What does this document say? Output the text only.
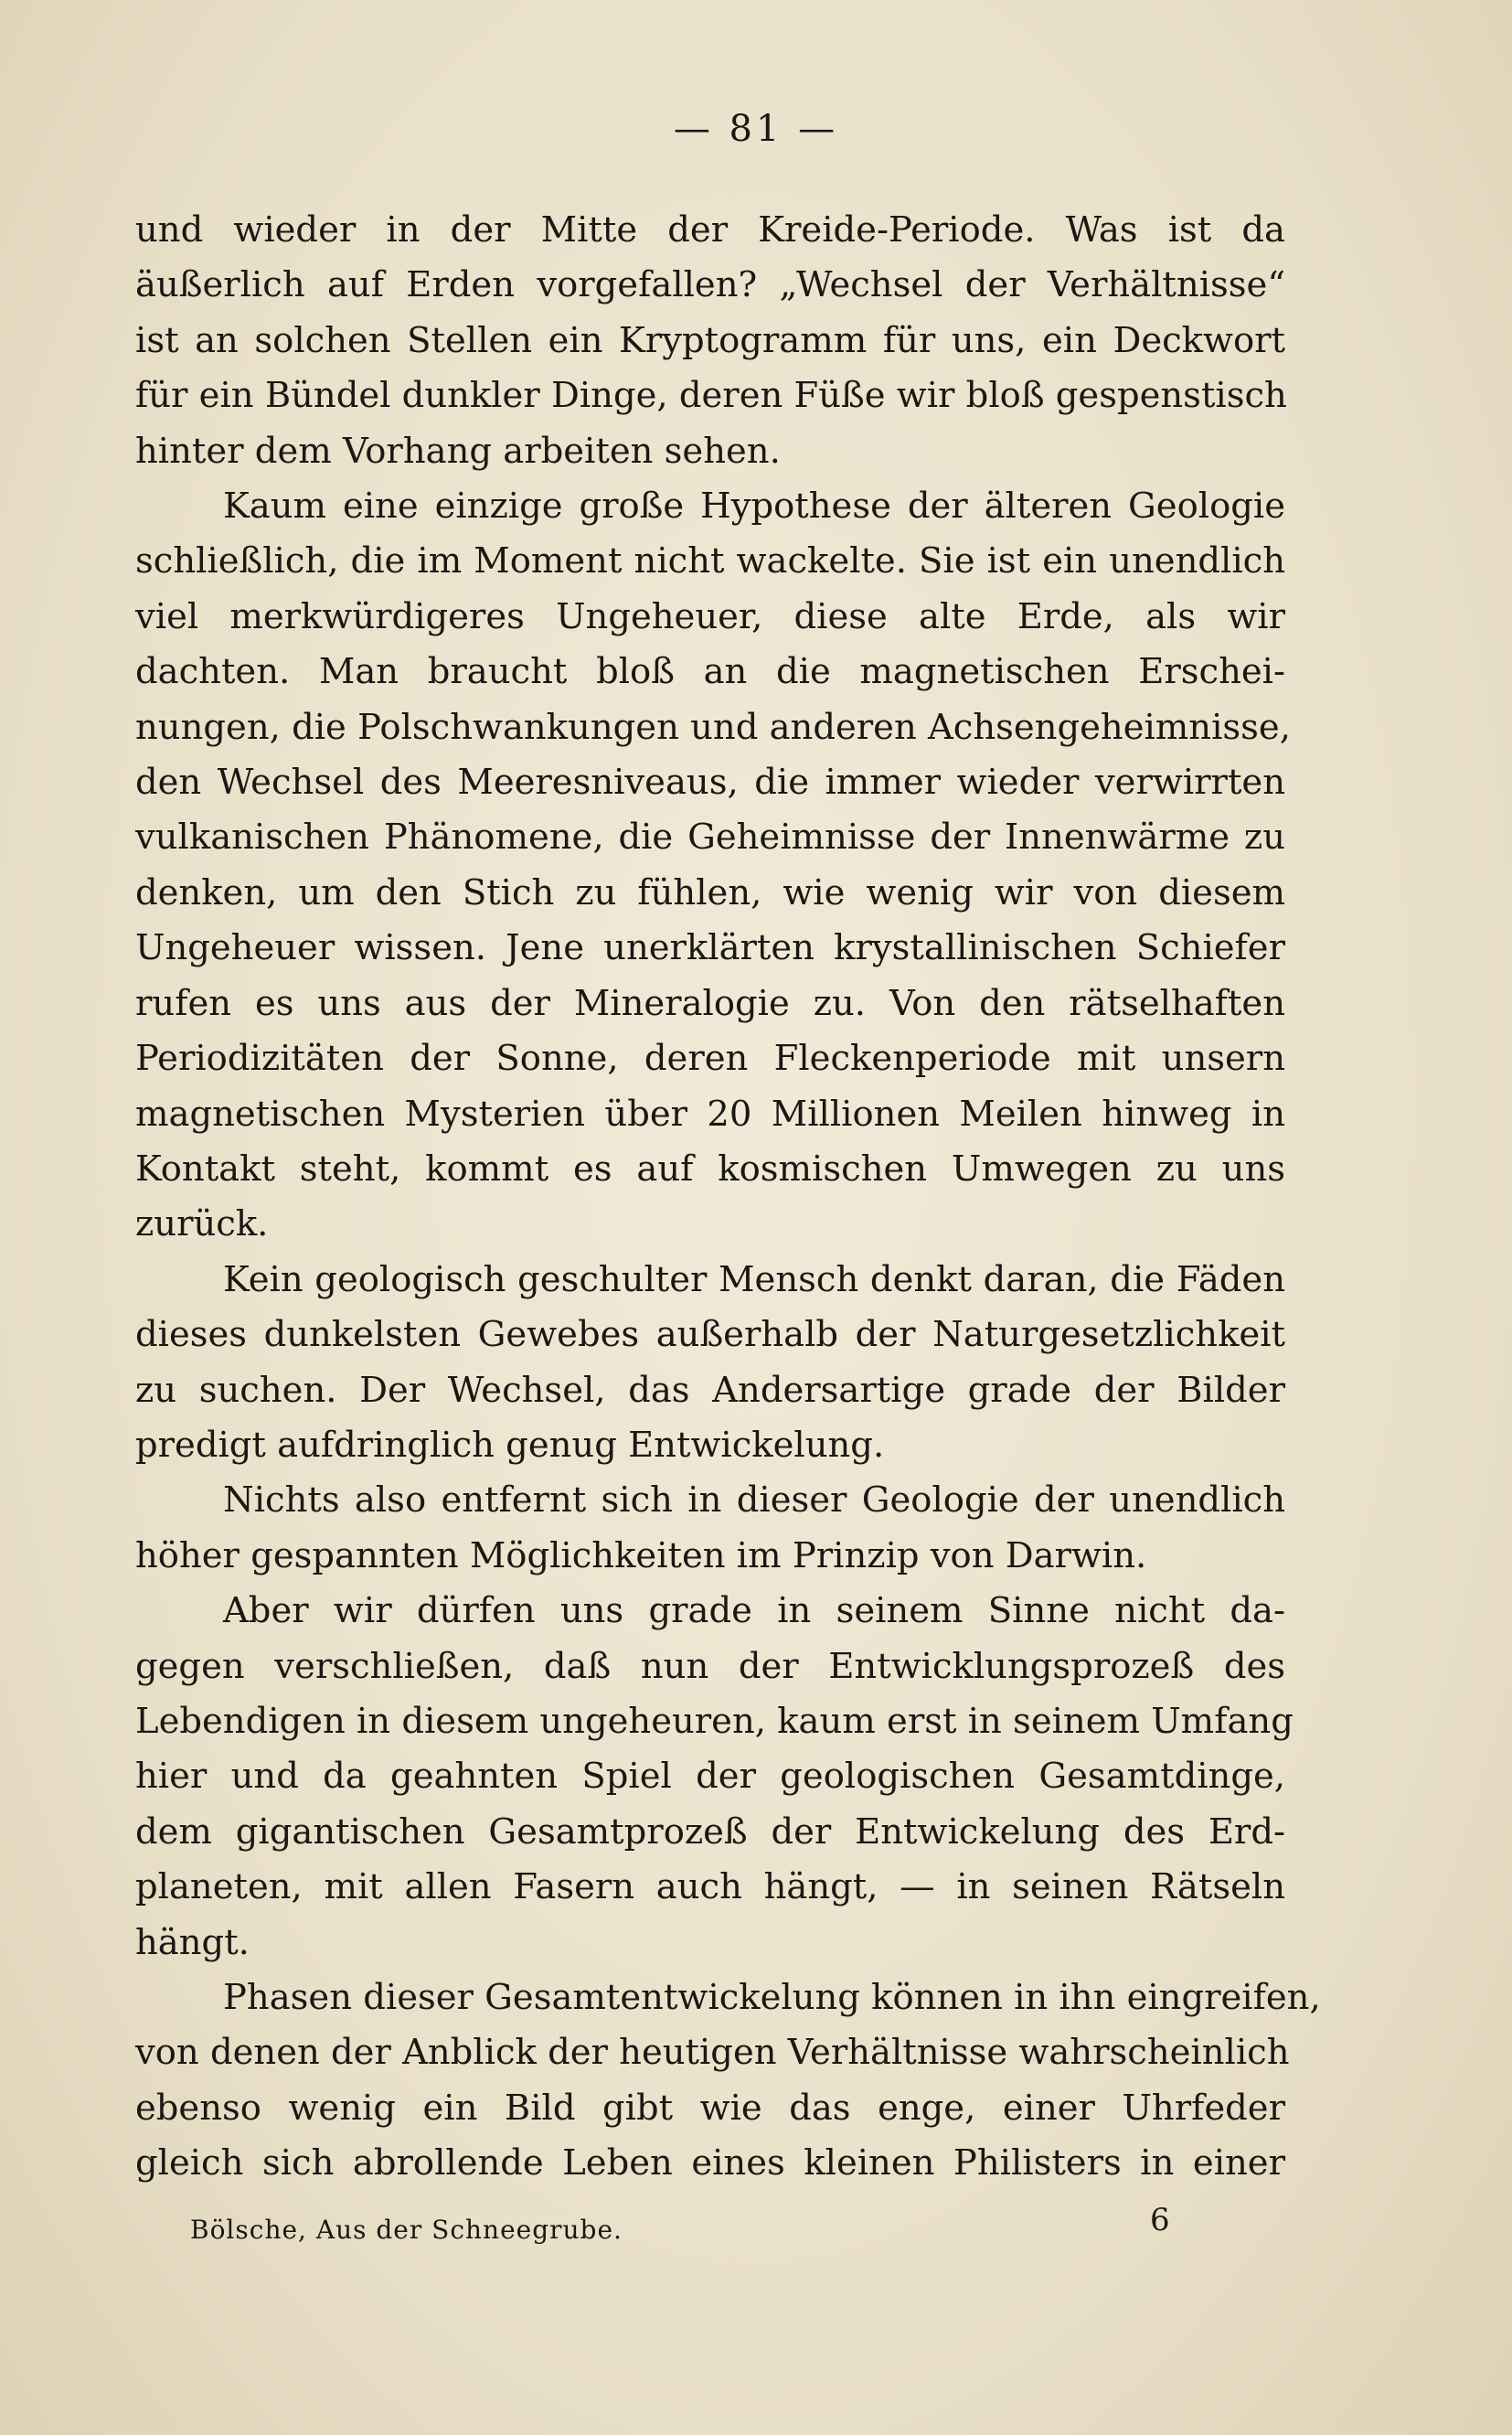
— 81 —
und wieder in der Mitte der Kreide-Periode. Was ist da
äußerlich auf Erden vorgefallen? „Wechsel der Verhältnisse“
ist an solchen Stellen ein Kryptogramm für uns, ein Deckwort
für ein Bündel dunkler Dinge, deren Füße wir bloß gespenstisch
hinter dem Vorhang arbeiten sehen.
Kaum eine einzige große Hypothese der älteren Geologie
schließlich, die im Moment nicht wackelte. Sie ist ein unendlich
viel merkwürdigeres Ungeheuer, diese alte Erde, als wir
dachten. Man braucht bloß an die magnetischen Erschei-
nungen, die Polschwankungen und anderen Achsengeheimnisse,
den Wechsel des Meeresniveaus, die immer wieder verwirrten
vulkanischen Phänomene, die Geheimnisse der Innenwärme zu
denken, um den Stich zu fühlen, wie wenig wir von diesem
Ungeheuer wissen. Jene unerklärten krystallinischen Schiefer
rufen es uns aus der Mineralogie zu. Von den rätselhaften
Periodizitäten der Sonne, deren Fleckenperiode mit unsern
magnetischen Mysterien über 20 Millionen Meilen hinweg in
Kontakt steht, kommt es auf kosmischen Umwegen zu uns
zurück.
Kein geologisch geschulter Mensch denkt daran, die Fäden
dieses dunkelsten Gewebes außerhalb der Naturgesetzlichkeit
zu suchen. Der Wechsel, das Andersartige grade der Bilder
predigt aufdringlich genug Entwickelung.
Nichts also entfernt sich in dieser Geologie der unendlich
höher gespannten Möglichkeiten im Prinzip von Darwin.
Aber wir dürfen uns grade in seinem Sinne nicht da-
gegen verschließen, daß nun der Entwicklungsprozeß des
Lebendigen in diesem ungeheuren, kaum erst in seinem Umfang
hier und da geahnten Spiel der geologischen Gesamtdinge,
dem gigantischen Gesamtprozeß der Entwickelung des Erd-
planeten, mit allen Fasern auch hängt, — in seinen Rätseln
hängt.
Phasen dieser Gesamtentwickelung können in ihn eingreifen,
von denen der Anblick der heutigen Verhältnisse wahrscheinlich
ebenso wenig ein Bild gibt wie das enge, einer Uhrfeder
gleich sich abrollende Leben eines kleinen Philisters in einer
Bölsche, Aus der Schneegrube.	6
